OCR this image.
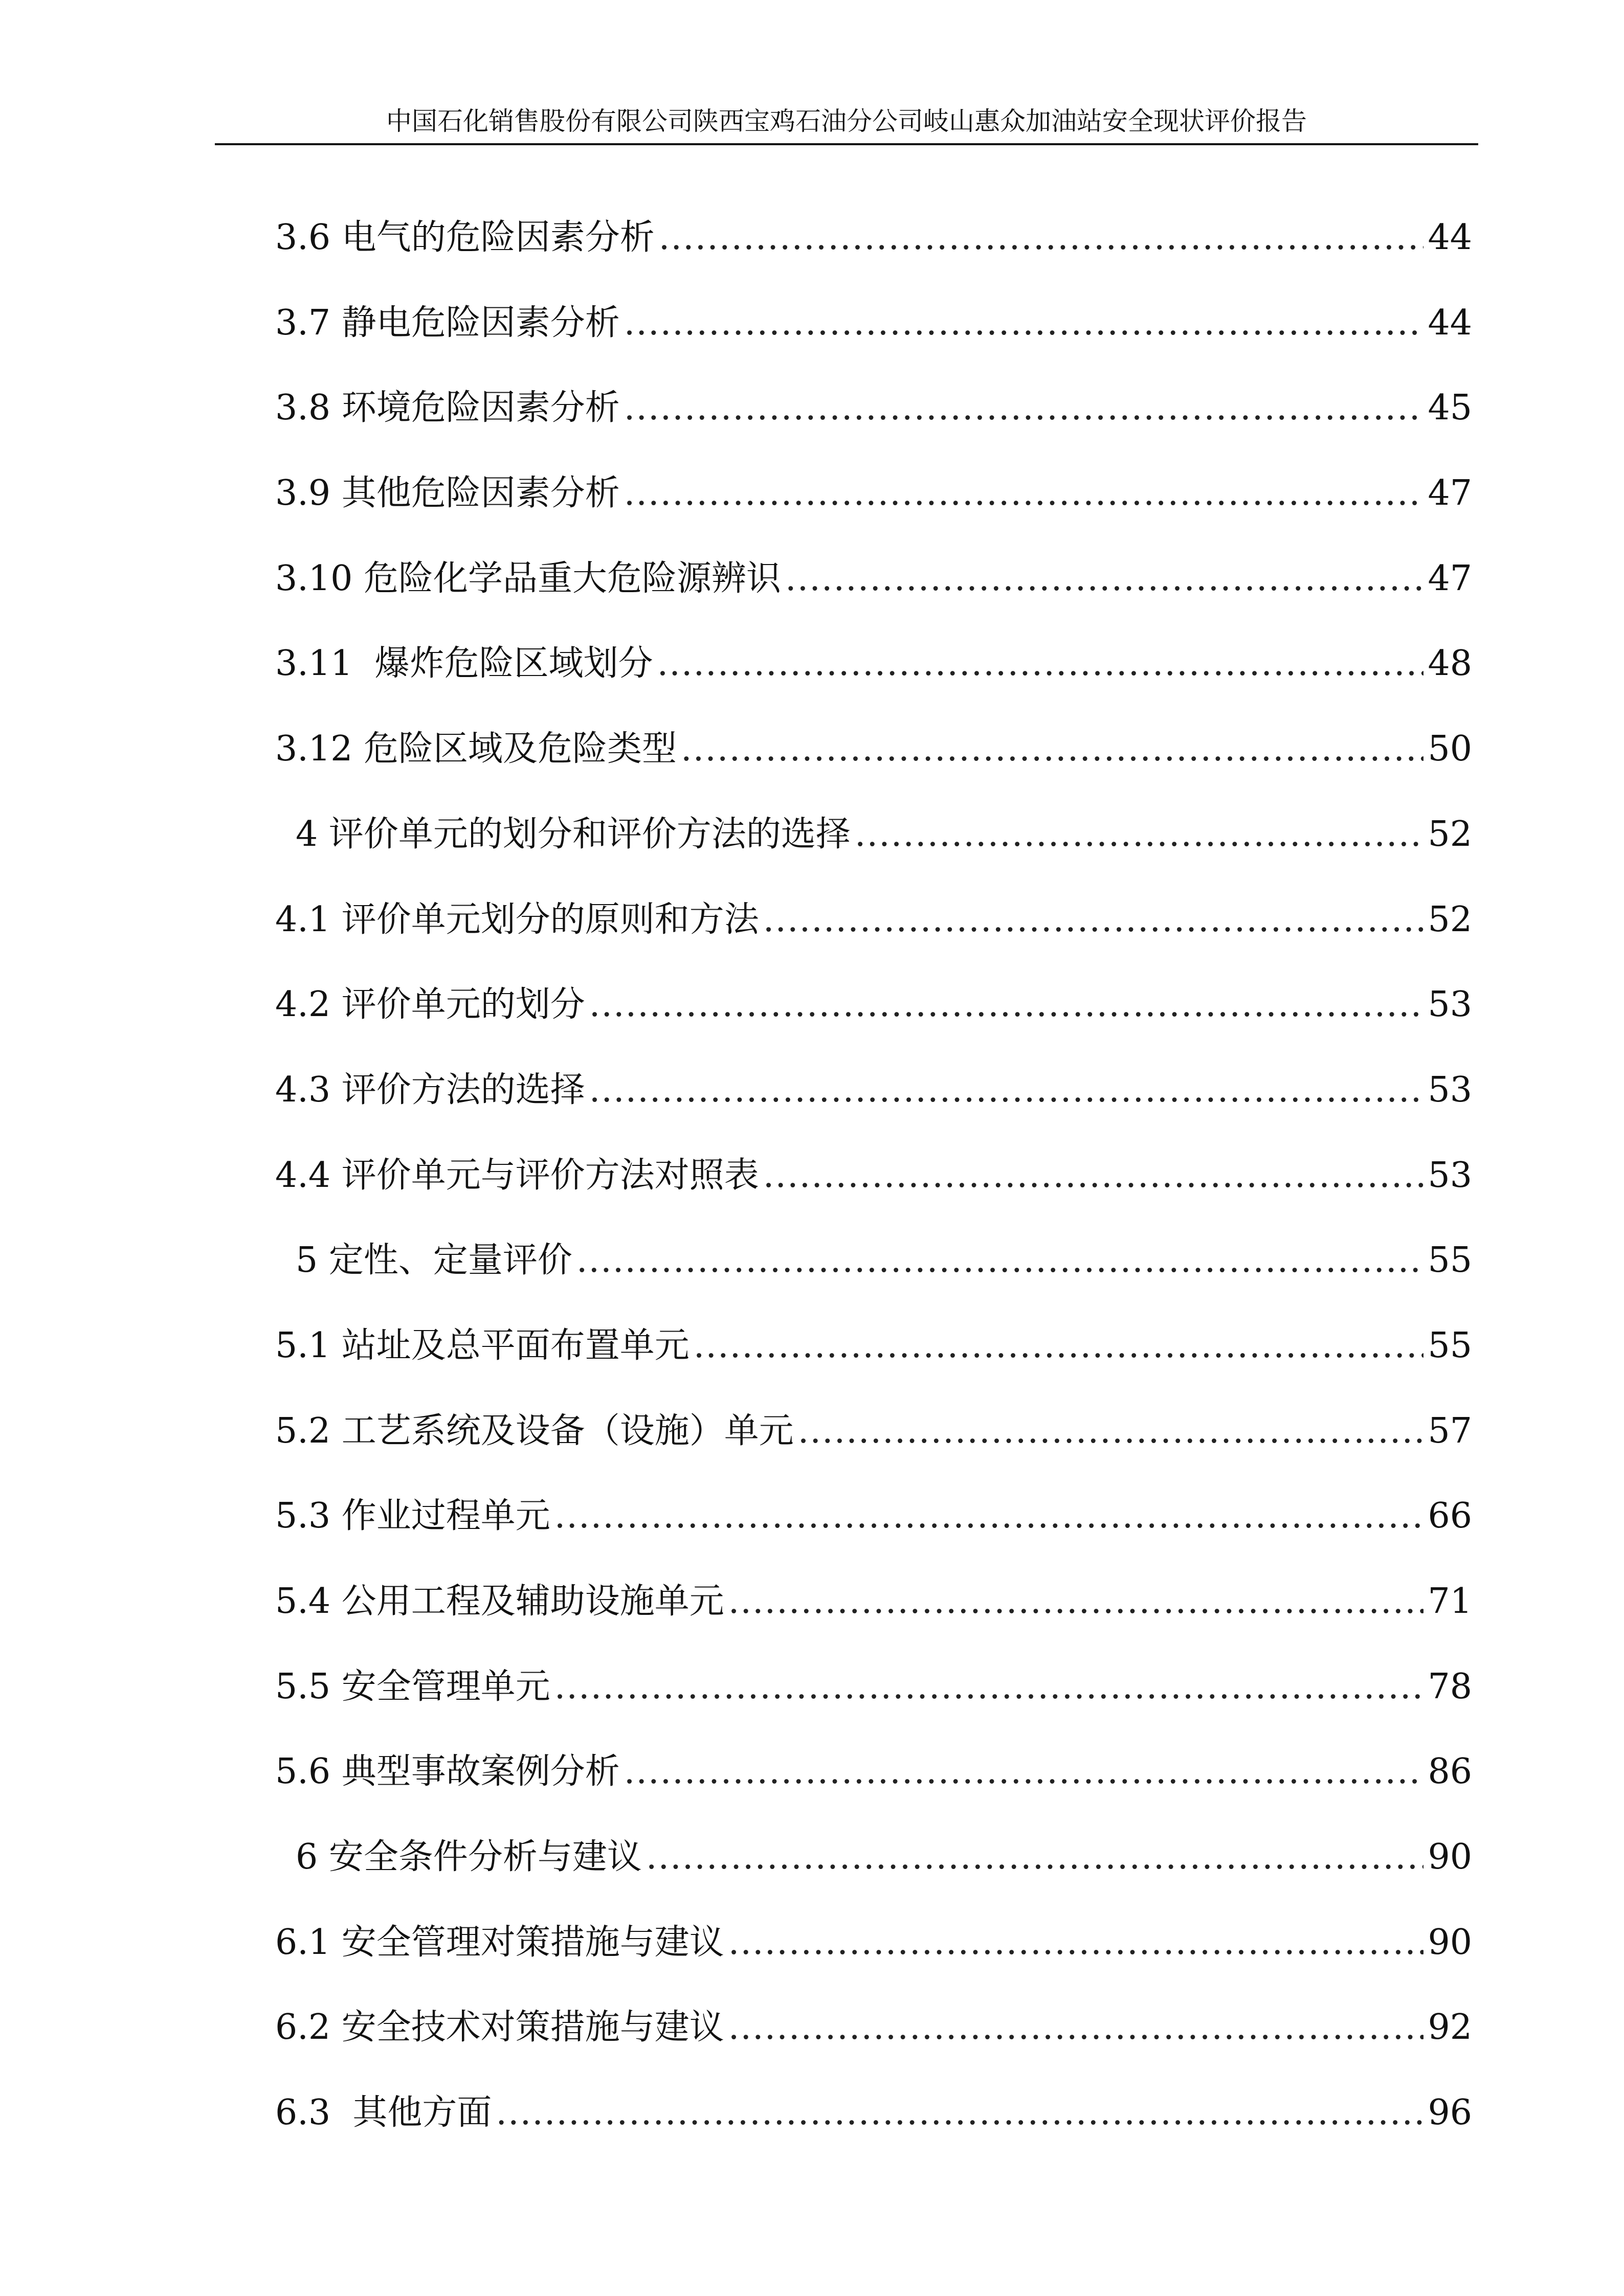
中国石化销售股份有限公司陕西宝鸡石油分公司岐山惠众加油站安全现状评价报告
3.6 电气的危险因素分析 .....	44
3.7 静电危险因素分析 .....	44
3.8 环境危险因素分析 .....	45
3.9 其他危险因素分析 .....	47
3.10 危险化学品重大危险源辨识 .....	47
3.11  爆炸危险区域划分 .....	48
3.12 危险区域及危险类型 .....	50
4 评价单元的划分和评价方法的选择 .....	52
4.1 评价单元划分的原则和方法 .....	52
4.2 评价单元的划分 .....	53
4.3 评价方法的选择 .....	53
4.4 评价单元与评价方法对照表 .....	53
5 定性、定量评价 .....	55
5.1 站址及总平面布置单元 .....	55
5.2 工艺系统及设备（设施）单元 .....	57
5.3 作业过程单元 .....	66
5.4 公用工程及辅助设施单元 .....	71
5.5 安全管理单元 .....	78
5.6 典型事故案例分析 .....	86
6 安全条件分析与建议 .....	90
6.1 安全管理对策措施与建议 .....	90
6.2 安全技术对策措施与建议 .....	92
6.3  其他方面 .....	96
